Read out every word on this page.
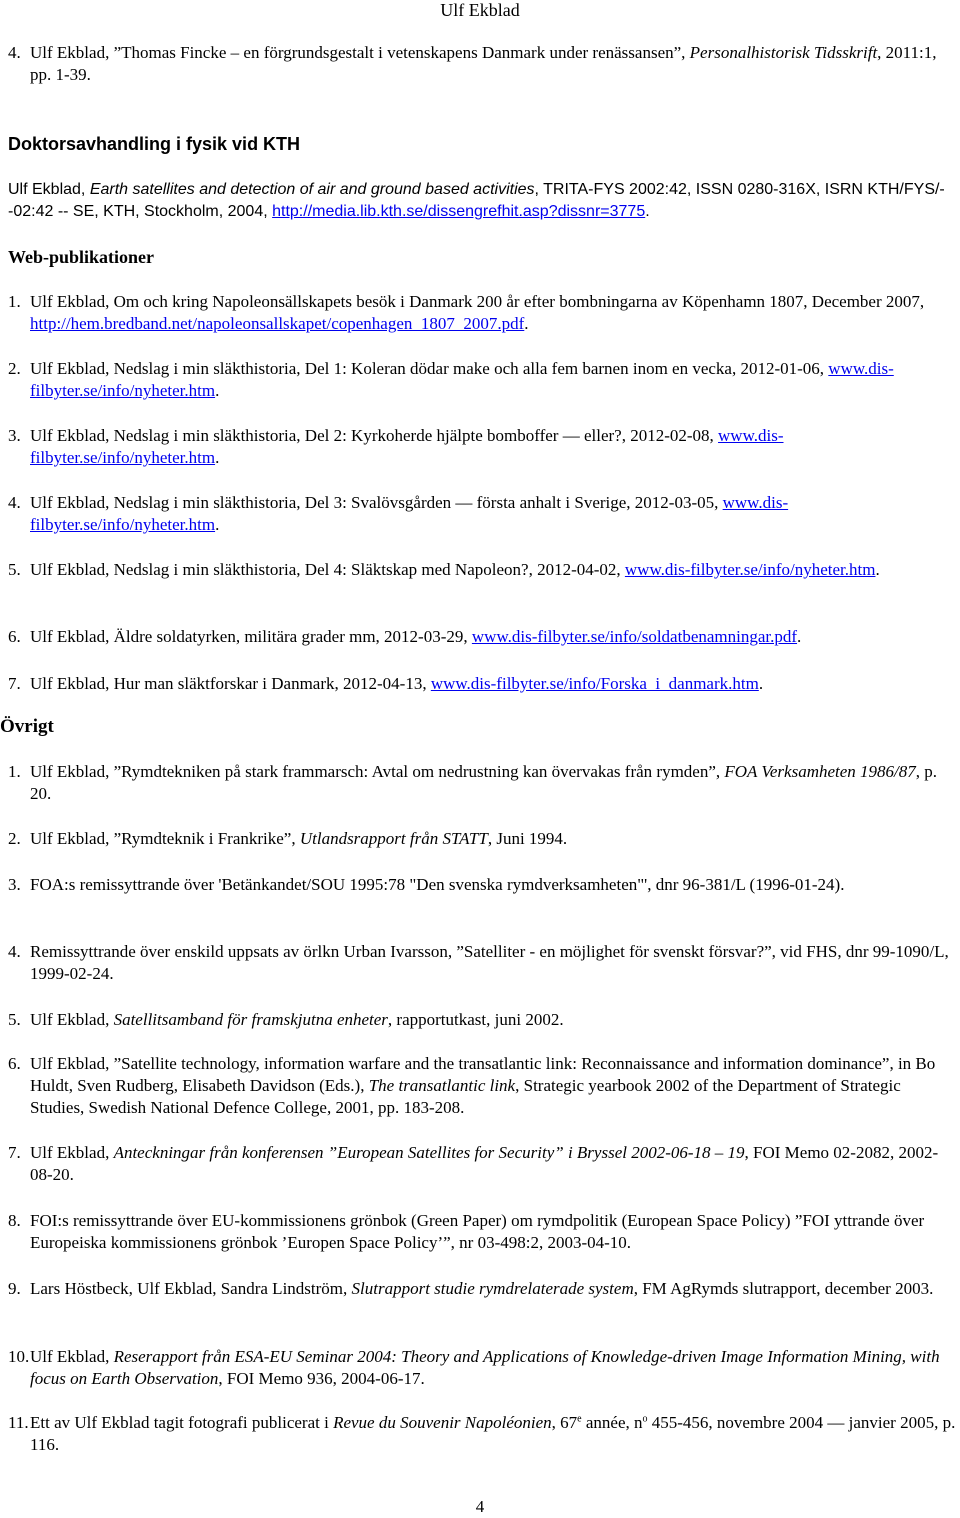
Ulf Ekblad
4. Ulf Ekblad, ”Thomas Fincke – en förgrundsgestalt i vetenskapens Danmark under renässansen”, Personalhistorisk Tidsskrift, 2011:1, pp. 1-39.
Doktorsavhandling i fysik vid KTH
Ulf Ekblad, Earth satellites and detection of air and ground based activities, TRITA-FYS 2002:42, ISSN 0280-316X, ISRN KTH/FYS/--02:42 -- SE, KTH, Stockholm, 2004, http://media.lib.kth.se/dissengrefhit.asp?dissnr=3775.
Web-publikationer
1. Ulf Ekblad, Om och kring Napoleonsällskapets besök i Danmark 200 år efter bombningarna av Köpenhamn 1807, December 2007, http://hem.bredband.net/napoleonsallskapet/copenhagen_1807_2007.pdf.
2. Ulf Ekblad, Nedslag i min släkthistoria, Del 1: Koleran dödar make och alla fem barnen inom en vecka, 2012-01-06, www.dis-filbyter.se/info/nyheter.htm.
3. Ulf Ekblad, Nedslag i min släkthistoria, Del 2: Kyrkoherde hjälpte bomboffer — eller?, 2012-02-08, www.dis-filbyter.se/info/nyheter.htm.
4. Ulf Ekblad, Nedslag i min släkthistoria, Del 3: Svalövsgården — första anhalt i Sverige, 2012-03-05, www.dis-filbyter.se/info/nyheter.htm.
5. Ulf Ekblad, Nedslag i min släkthistoria, Del 4: Släktskap med Napoleon?, 2012-04-02, www.dis-filbyter.se/info/nyheter.htm.
6. Ulf Ekblad, Äldre soldatyrken, militära grader mm, 2012-03-29, www.dis-filbyter.se/info/soldatbenamningar.pdf.
7. Ulf Ekblad, Hur man släktforskar i Danmark, 2012-04-13, www.dis-filbyter.se/info/Forska_i_danmark.htm.
Övrigt
1. Ulf Ekblad, ”Rymdtekniken på stark frammarsch: Avtal om nedrustning kan övervakas från rymden”, FOA Verksamheten 1986/87, p. 20.
2. Ulf Ekblad, ”Rymdteknik i Frankrike”, Utlandsrapport från STATT, Juni 1994.
3. FOA:s remissyttrande över 'Betänkandet/SOU 1995:78 "Den svenska rymdverksamheten"', dnr 96-381/L (1996-01-24).
4. Remissyttrande över enskild uppsats av örlkn Urban Ivarsson, ”Satelliter - en möjlighet för svenskt försvar?”, vid FHS, dnr 99-1090/L, 1999-02-24.
5. Ulf Ekblad, Satellitsamband för framskjutna enheter, rapportutkast, juni 2002.
6. Ulf Ekblad, ”Satellite technology, information warfare and the transatlantic link: Reconnaissance and information dominance”, in Bo Huldt, Sven Rudberg, Elisabeth Davidson (Eds.), The transatlantic link, Strategic yearbook 2002 of the Department of Strategic Studies, Swedish National Defence College, 2001, pp. 183-208.
7. Ulf Ekblad, Anteckningar från konferensen ”European Satellites for Security” i Bryssel 2002-06-18 – 19, FOI Memo 02-2082, 2002-08-20.
8. FOI:s remissyttrande över EU-kommissionens grönbok (Green Paper) om rymdpolitik (European Space Policy) ”FOI yttrande över Europeiska kommissionens grönbok ’Europen Space Policy’”, nr 03-498:2, 2003-04-10.
9. Lars Höstbeck, Ulf Ekblad, Sandra Lindström, Slutrapport studie rymdrelaterade system, FM AgRymds slutrapport, december 2003.
10. Ulf Ekblad, Reserapport från ESA-EU Seminar 2004: Theory and Applications of Knowledge-driven Image Information Mining, with focus on Earth Observation, FOI Memo 936, 2004-06-17.
11. Ett av Ulf Ekblad tagit fotografi publicerat i Revue du Souvenir Napoléonien, 67e année, $n^o$ 455-456, novembre 2004 — janvier 2005, p. 116.
4
